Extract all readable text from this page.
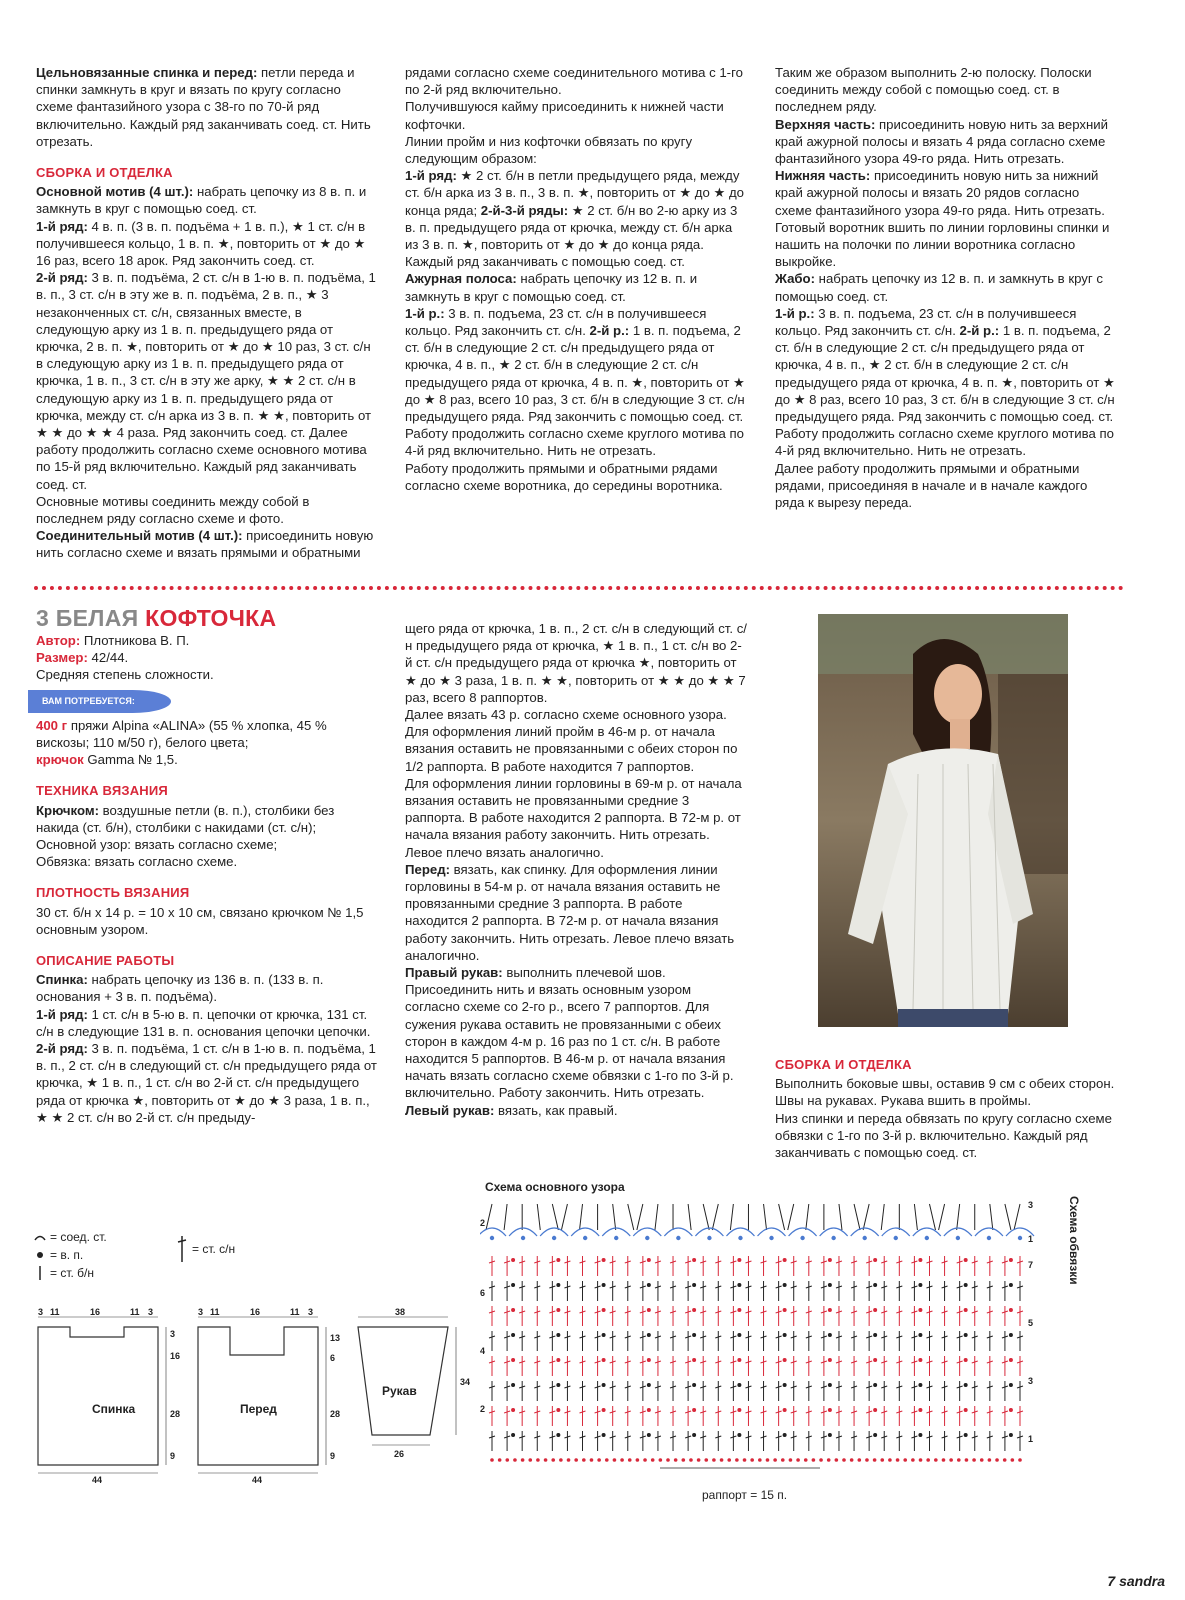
Цельновязанные спинка и перед: петли переда и спинки замкнуть в круг и вязать по кругу согласно схеме фантазийного узора с 38-го по 70-й ряд включительно. Каждый ряд заканчивать соед. ст. Нить отрезать.

СБОРКА И ОТДЕЛКА

Основной мотив (4 шт.): набрать цепочку из 8 в. п. и замкнуть в круг с помощью соед. ст.

1-й ряд: 4 в. п. (3 в. п. подъёма + 1 в. п.), ★ 1 ст. с/н в получившееся кольцо, 1 в. п. ★, повторить от ★ до ★ 16 раз, всего 18 арок. Ряд закончить соед. ст.

2-й ряд: 3 в. п. подъёма, 2 ст. с/н в 1-ю в. п. подъёма, 1 в. п., 3 ст. с/н в эту же в. п. подъёма, 2 в. п., ★ 3 незаконченных ст. с/н, связанных вместе, в следующую арку из 1 в. п. предыдущего ряда от крючка, 2 в. п. ★, повторить от ★ до ★ 10 раз, 3 ст. с/н в следующую арку из 1 в. п. предыдущего ряда от крючка, 1 в. п., 3 ст. с/н в эту же арку, ★ ★ 2 ст. с/н в следующую арку из 1 в. п. предыдущего ряда от крючка, между ст. с/н арка из 3 в. п. ★ ★, повторить от ★ ★ до ★ ★ 4 раза. Ряд закончить соед. ст. Далее работу продолжить согласно схеме основного мотива по 15-й ряд включительно. Каждый ряд заканчивать соед. ст.

Основные мотивы соединить между собой в последнем ряду согласно схеме и фото.

Соединительный мотив (4 шт.): присоединить новую нить согласно схеме и вязать прямыми и обратными

рядами согласно схеме соединительного мотива с 1-го по 2-й ряд включительно.

Получившуюся кайму присоединить к нижней части кофточки.

Линии пройм и низ кофточки обвязать по кругу следующим образом:

1-й ряд: ★ 2 ст. б/н в петли предыдущего ряда, между ст. б/н арка из 3 в. п., 3 в. п. ★, повторить от ★ до ★ до конца ряда; 2-й-3-й ряды: ★ 2 ст. б/н во 2-ю арку из 3 в. п. предыдущего ряда от крючка, между ст. б/н арка из 3 в. п. ★, повторить от ★ до ★ до конца ряда. Каждый ряд заканчивать с помощью соед. ст.

Ажурная полоса: набрать цепочку из 12 в. п. и замкнуть в круг с помощью соед. ст.

1-й р.: 3 в. п. подъема, 23 ст. с/н в получившееся кольцо. Ряд закончить ст. с/н. 2-й р.: 1 в. п. подъема, 2 ст. б/н в следующие 2 ст. с/н предыдущего ряда от крючка, 4 в. п., ★ 2 ст. б/н в следующие 2 ст. с/н предыдущего ряда от крючка, 4 в. п. ★, повторить от ★ до ★ 8 раз, всего 10 раз, 3 ст. б/н в следующие 3 ст. с/н предыдущего ряда. Ряд закончить с помощью соед. ст. Работу продолжить согласно схеме круглого мотива по 4-й ряд включительно. Нить не отрезать.

Работу продолжить прямыми и обратными рядами согласно схеме воротника, до середины воротника.

Таким же образом выполнить 2-ю полоску. Полоски соединить между собой с помощью соед. ст. в последнем ряду.

Верхняя часть: присоединить новую нить за верхний край ажурной полосы и вязать 4 ряда согласно схеме фантазийного узора 49-го ряда. Нить отрезать.

Нижняя часть: присоединить новую нить за нижний край ажурной полосы и вязать 20 рядов согласно схеме фантазийного узора 49-го ряда. Нить отрезать.

Готовый воротник вшить по линии горловины спинки и нашить на полочки по линии воротника согласно выкройке.

Жабо: набрать цепочку из 12 в. п. и замкнуть в круг с помощью соед. ст.

1-й р.: 3 в. п. подъема, 23 ст. с/н в получившееся кольцо. Ряд закончить ст. с/н. 2-й р.: 1 в. п. подъема, 2 ст. б/н в следующие 2 ст. с/н предыдущего ряда от крючка, 4 в. п., ★ 2 ст. б/н в следующие 2 ст. с/н предыдущего ряда от крючка, 4 в. п. ★, повторить от ★ до ★ 8 раз, всего 10 раз, 3 ст. б/н в следующие 3 ст. с/н предыдущего ряда. Ряд закончить с помощью соед. ст. Работу продолжить согласно схеме круглого мотива по 4-й ряд включительно. Нить не отрезать.

Далее работу продолжить прямыми и обратными рядами, присоединяя в начале и в начале каждого ряда к вырезу переда.

3 БЕЛАЯ КОФТОЧКА

Автор: Плотникова В. П.

Размер: 42/44.

Средняя степень сложности.

ВАМ ПОТРЕБУЕТСЯ:

400 г пряжи Alpina «ALINA» (55 % хлопка, 45 % вискозы; 110 м/50 г), белого цвета;

крючок Gamma № 1,5.

ТЕХНИКА ВЯЗАНИЯ

Крючком: воздушные петли (в. п.), столбики без накида (ст. б/н), столбики с накидами (ст. с/н);

Основной узор: вязать согласно схеме;

Обвязка: вязать согласно схеме.

ПЛОТНОСТЬ ВЯЗАНИЯ

30 ст. б/н х 14 р. = 10 х 10 см, связано крючком № 1,5 основным узором.

ОПИСАНИЕ РАБОТЫ

Спинка: набрать цепочку из 136 в. п. (133 в. п. основания + 3 в. п. подъёма).

1-й ряд: 1 ст. с/н в 5-ю в. п. цепочки от крючка, 131 ст. с/н в следующие 131 в. п. основания цепочки цепочки.

2-й ряд: 3 в. п. подъёма, 1 ст. с/н в 1-ю в. п. подъёма, 1 в. п., 2 ст. с/н в следующий ст. с/н предыдущего ряда от крючка, ★ 1 в. п., 1 ст. с/н во 2-й ст. с/н предыдущего ряда от крючка ★, повторить от ★ до ★ 3 раза, 1 в. п., ★ ★ 2 ст. с/н во 2-й ст. с/н предыду-

щего ряда от крючка, 1 в. п., 2 ст. с/н в следующий ст. с/н предыдущего ряда от крючка, ★ 1 в. п., 1 ст. с/н во 2-й ст. с/н предыдущего ряда от крючка ★, повторить от ★ до ★ 3 раза, 1 в. п. ★ ★, повторить от ★ ★ до ★ ★ 7 раз, всего 8 раппортов.

Далее вязать 43 р. согласно схеме основного узора.

Для оформления линий пройм в 46-м р. от начала вязания оставить не провязанными с обеих сторон по 1/2 раппорта. В работе находится 7 раппортов.

Для оформления линии горловины в 69-м р. от начала вязания оставить не провязанными средние 3 раппорта. В работе находится 2 раппорта. В 72-м р. от начала вязания работу закончить. Нить отрезать. Левое плечо вязать аналогично.

Перед: вязать, как спинку. Для оформления линии горловины в 54-м р. от начала вязания оставить не провязанными средние 3 раппорта. В работе находится 2 раппорта. В 72-м р. от начала вязания работу закончить. Нить отрезать. Левое плечо вязать аналогично.

Правый рукав: выполнить плечевой шов. Присоединить нить и вязать основным узором согласно схеме со 2-го р., всего 7 раппортов. Для сужения рукава оставить не провязанными с обеих сторон в каждом 4-м р. 16 раз по 1 ст. с/н. В работе находится 5 раппортов. В 46-м р. от начала вязания начать вязать согласно схеме обвязки с 1-го по 3-й р. включительно. Работу закончить. Нить отрезать.

Левый рукав: вязать, как правый.

СБОРКА И ОТДЕЛКА

Выполнить боковые швы, оставив 9 см с обеих сторон. Швы на рукавах. Рукава вшить в проймы.

Низ спинки и переда обвязать по кругу согласно схеме обвязки с 1-го по 3-й р. включительно. Каждый ряд заканчивать с помощью соед. ст.

= соед. ст.
= в. п.
= ст. б/н
= ст. с/н
3 11	16	11 3
3
16
28
9
Спинка
44
3 11	16	11 3
13
6
28
9
Перед
44
38
34
Рукав
26
Схема основного узора
3
1
7
5
3
1
2
6
4
2
Схема обвязки
раппорт = 15 п.
7 sandra
